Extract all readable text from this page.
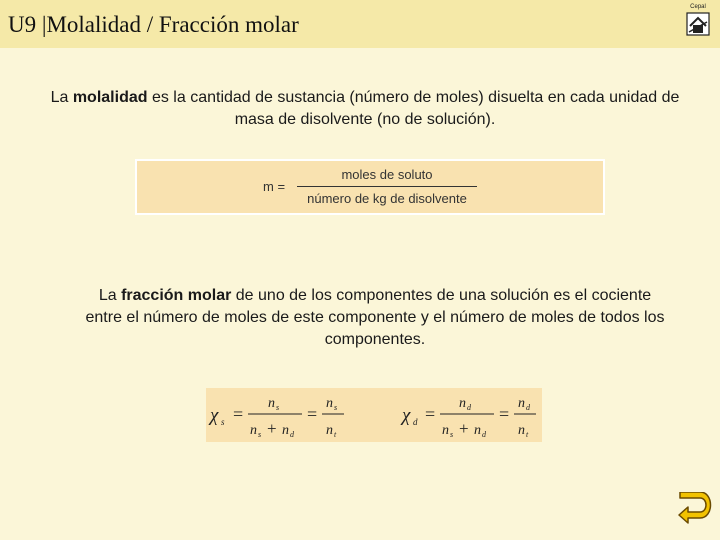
U9 |Molalidad / Fracción molar
Cepal
La molalidad es la cantidad de sustancia (número de moles) disuelta en cada unidad de masa de disolvente (no de solución).
m =
moles de soluto
número de kg de disolvente
La fracción molar de uno de los componentes de una solución es el cociente entre el número de moles de este componente y el número de moles de todos los componentes.
χ s =
n s
n s + n d
=
n s
n t
χ d =
n d
n s + n d
=
n d
n t
